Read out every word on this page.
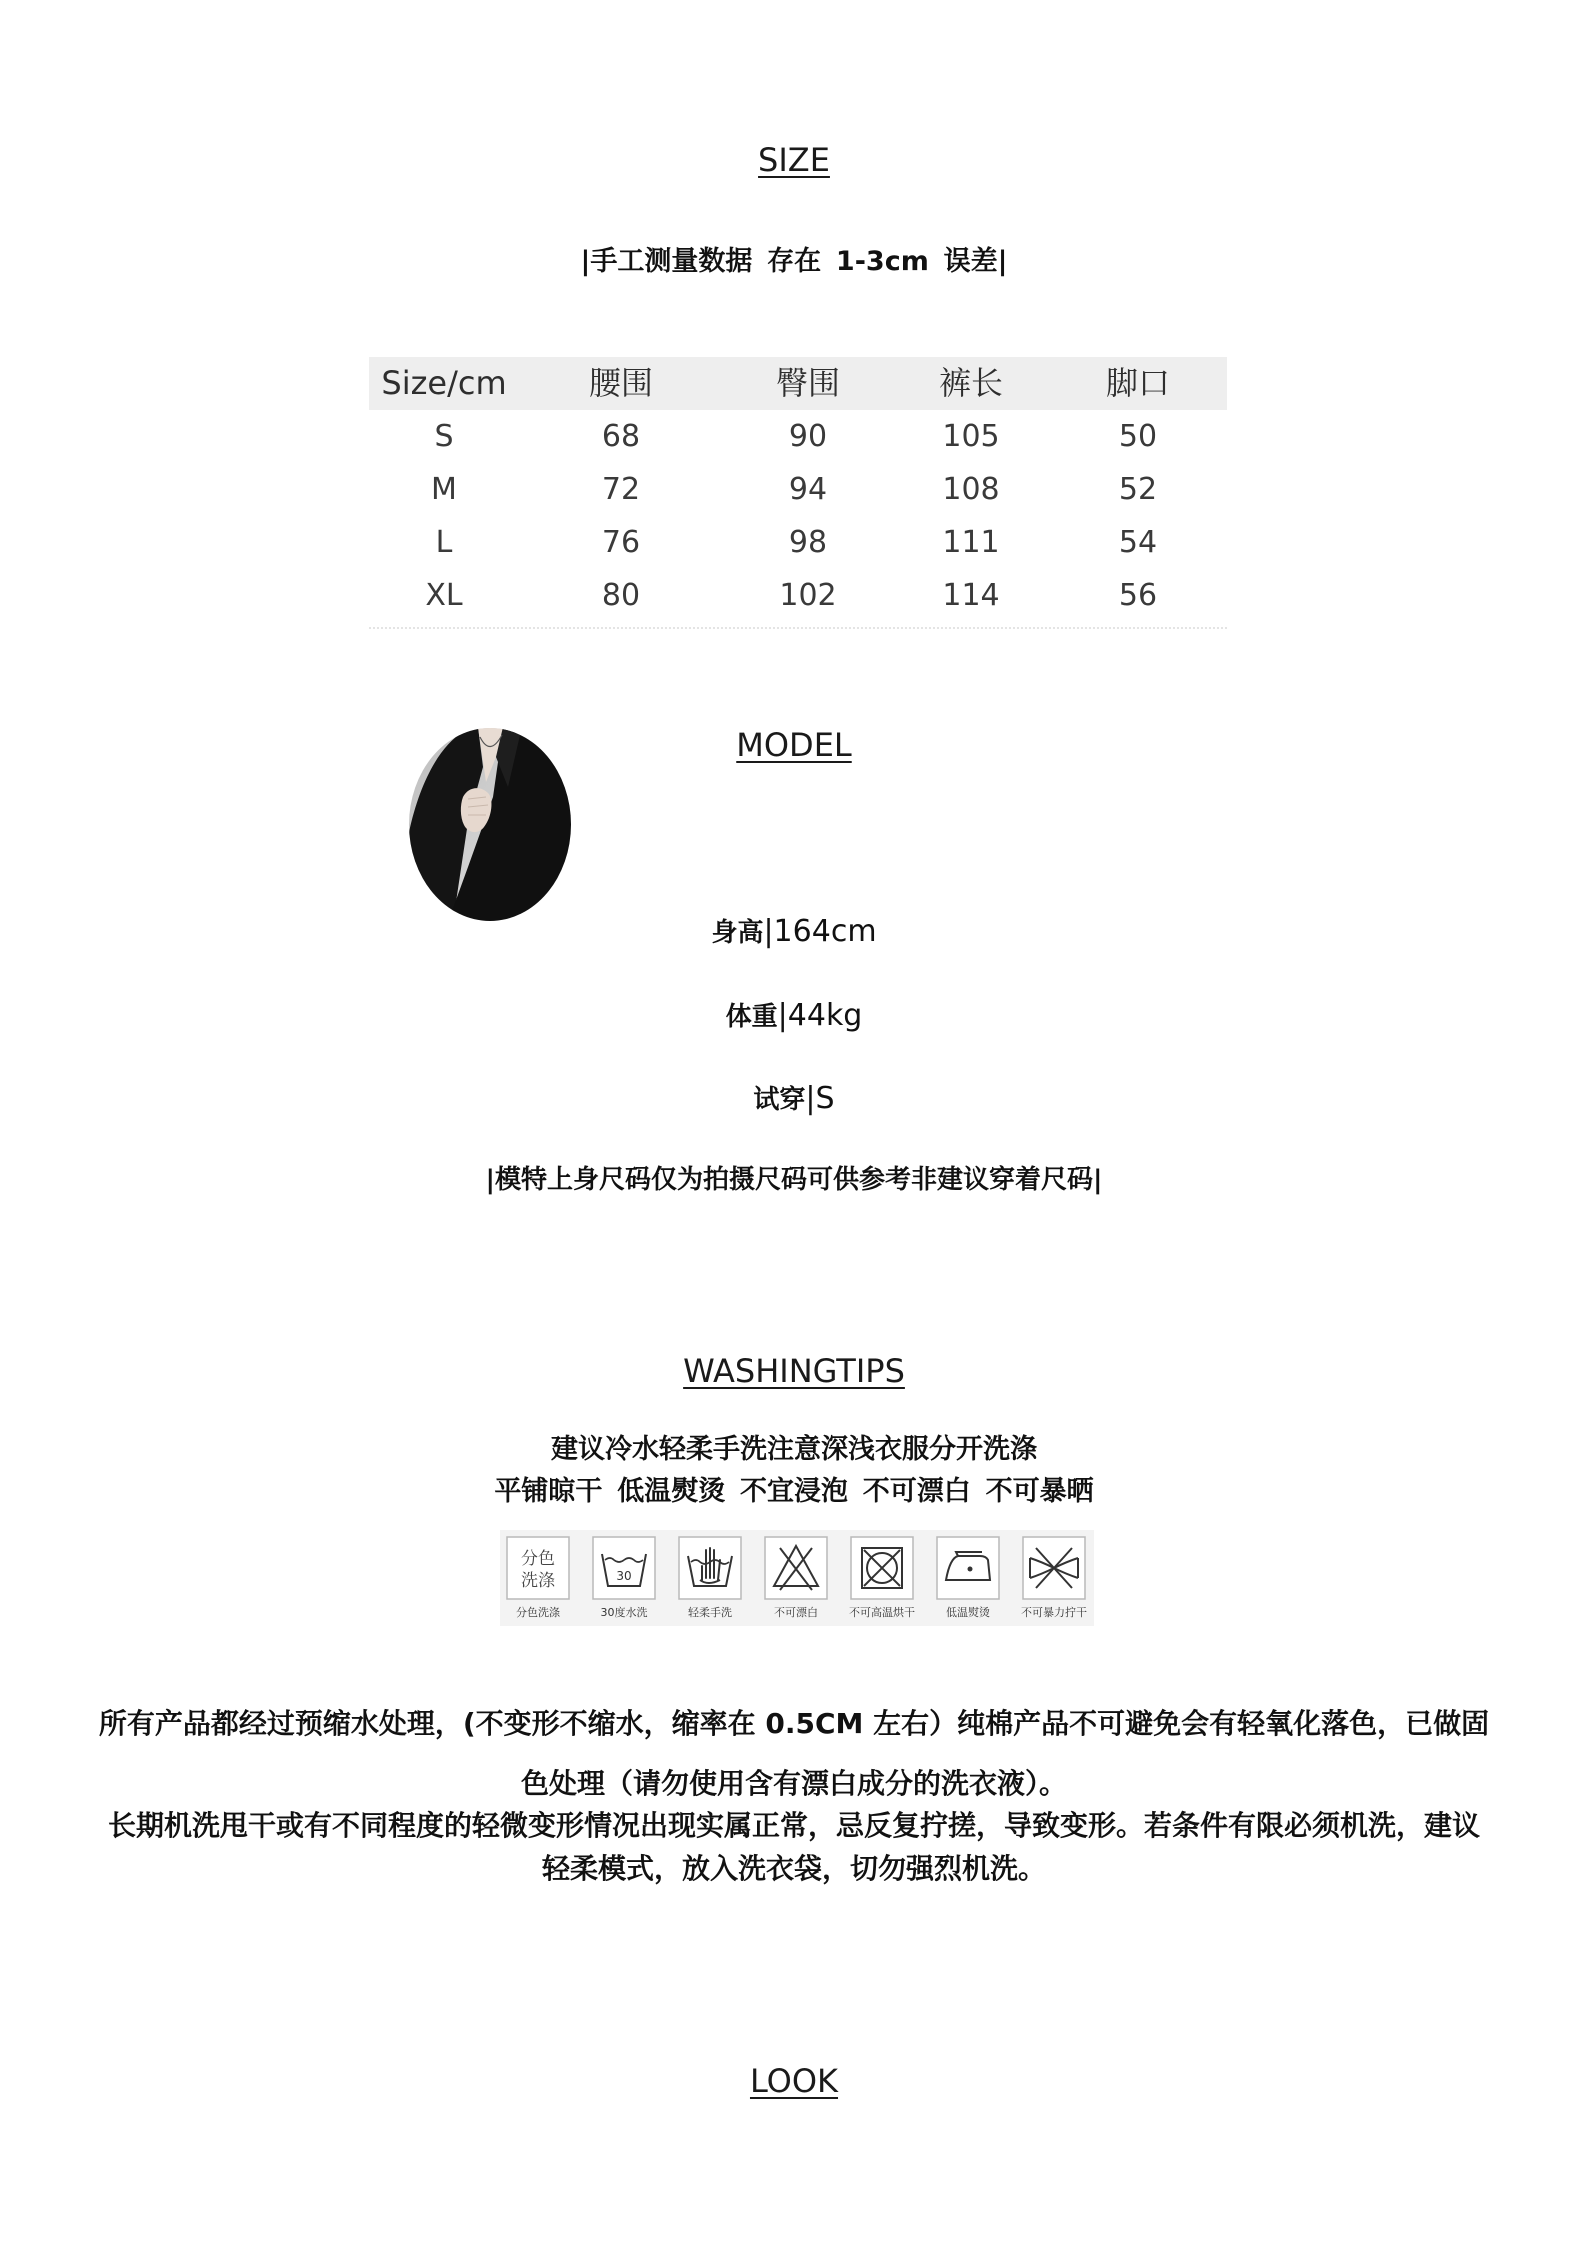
SIZE
|手工测量数据 存在 1-3cm 误差|
Size/cm	腰围	臀围	裤长	脚口
S	68	90	105	50
M	72	94	108	52
L	76	98	111	54
XL	80	102	114	56
MODEL
身高 |164cm
体重 |44kg
试穿 |S
|模特上身尺码仅为拍摄尺码可供参考非建议穿着尺码|
WASHINGTIPS
建议冷水轻柔手洗注意深浅衣服分开洗涤
平铺晾干 低温熨烫 不宜浸泡 不可漂白 不可暴晒
分色
洗涤
分色洗涤
30
30度水洗	轻柔手洗	不可漂白	不可高温烘干	低温熨烫	不可暴力拧干
所有产品都经过预缩水处理，(不变形不缩水，缩率在 0.5CM 左右）纯棉产品不可避免会有轻氧化落色，已做固
色处理（请勿使用含有漂白成分的洗衣液）。
长期机洗甩干或有不同程度的轻微变形情况出现实属正常，忌反复拧搓，导致变形。若条件有限必须机洗，建议
轻柔模式，放入洗衣袋，切勿强烈机洗。
LOOK
